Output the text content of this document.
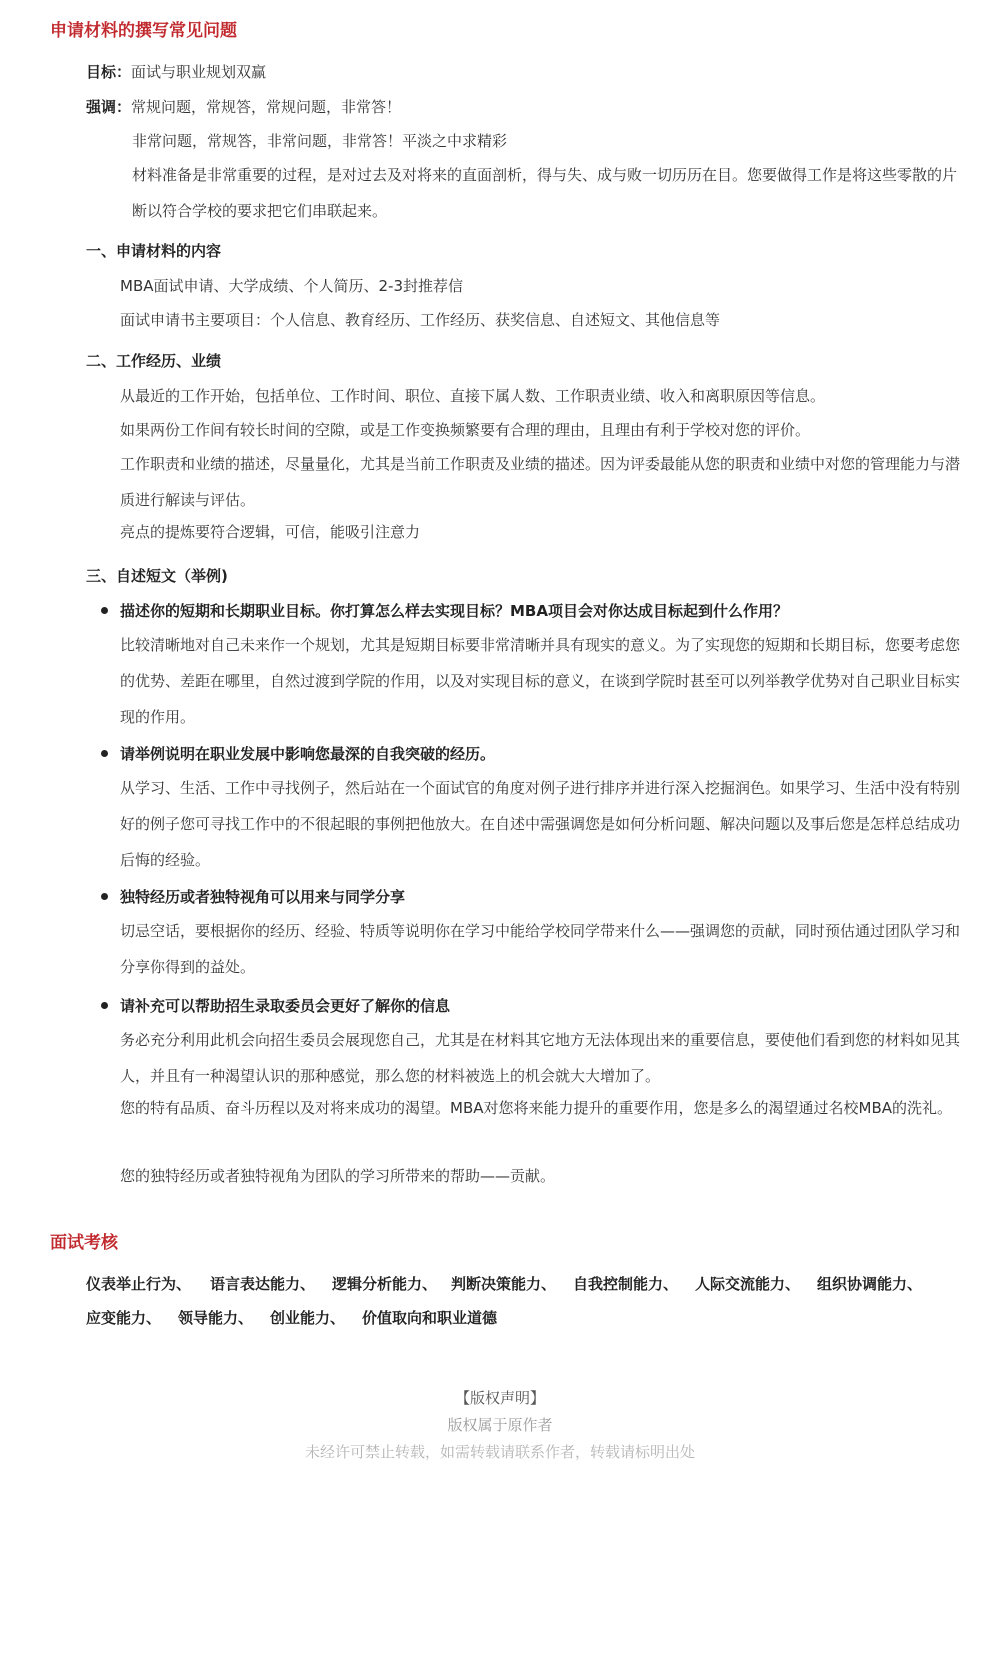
申请材料的撰写常见问题
目标：面试与职业规划双赢
强调：常规问题，常规答，常规问题，非常答！
非常问题，常规答，非常问题，非常答！平淡之中求精彩
材料准备是非常重要的过程，是对过去及对将来的直面剖析，得与失、成与败一切历历在目。您要做得工作是将这些零散的片断以符合学校的要求把它们串联起来。
一、申请材料的内容
MBA面试申请、大学成绩、个人简历、2-3封推荐信
面试申请书主要项目：个人信息、教育经历、工作经历、获奖信息、自述短文、其他信息等
二、工作经历、业绩
从最近的工作开始，包括单位、工作时间、职位、直接下属人数、工作职责业绩、收入和离职原因等信息。
如果两份工作间有较长时间的空隙，或是工作变换频繁要有合理的理由，且理由有利于学校对您的评价。
工作职责和业绩的描述，尽量量化，尤其是当前工作职责及业绩的描述。因为评委最能从您的职责和业绩中对您的管理能力与潜质进行解读与评估。
亮点的提炼要符合逻辑，可信，能吸引注意力
三、自述短文（举例)
描述你的短期和长期职业目标。你打算怎么样去实现目标？MBA项目会对你达成目标起到什么作用？
比较清晰地对自己未来作一个规划，尤其是短期目标要非常清晰并具有现实的意义。为了实现您的短期和长期目标，您要考虑您的优势、差距在哪里，自然过渡到学院的作用，以及对实现目标的意义，在谈到学院时甚至可以列举教学优势对自己职业目标实现的作用。
请举例说明在职业发展中影响您最深的自我突破的经历。
从学习、生活、工作中寻找例子，然后站在一个面试官的角度对例子进行排序并进行深入挖掘润色。如果学习、生活中没有特别好的例子您可寻找工作中的不很起眼的事例把他放大。在自述中需强调您是如何分析问题、解决问题以及事后您是怎样总结成功后悔的经验。
独特经历或者独特视角可以用来与同学分享
切忌空话，要根据你的经历、经验、特质等说明你在学习中能给学校同学带来什么——强调您的贡献，同时预估通过团队学习和分享你得到的益处。
请补充可以帮助招生录取委员会更好了解你的信息
务必充分利用此机会向招生委员会展现您自己，尤其是在材料其它地方无法体现出来的重要信息，要使他们看到您的材料如见其人，并且有一种渴望认识的那种感觉，那么您的材料被选上的机会就大大增加了。
您的特有品质、奋斗历程以及对将来成功的渴望。MBA对您将来能力提升的重要作用，您是多么的渴望通过名校MBA的洗礼。
您的独特经历或者独特视角为团队的学习所带来的帮助——贡献。
面试考核
仪表举止行为、 语言表达能力、 逻辑分析能力、 判断决策能力、 自我控制能力、 人际交流能力、 组织协调能力、
应变能力、 领导能力、 创业能力、 价值取向和职业道德
【版权声明】
版权属于原作者
未经许可禁止转载，如需转载请联系作者，转载请标明出处
